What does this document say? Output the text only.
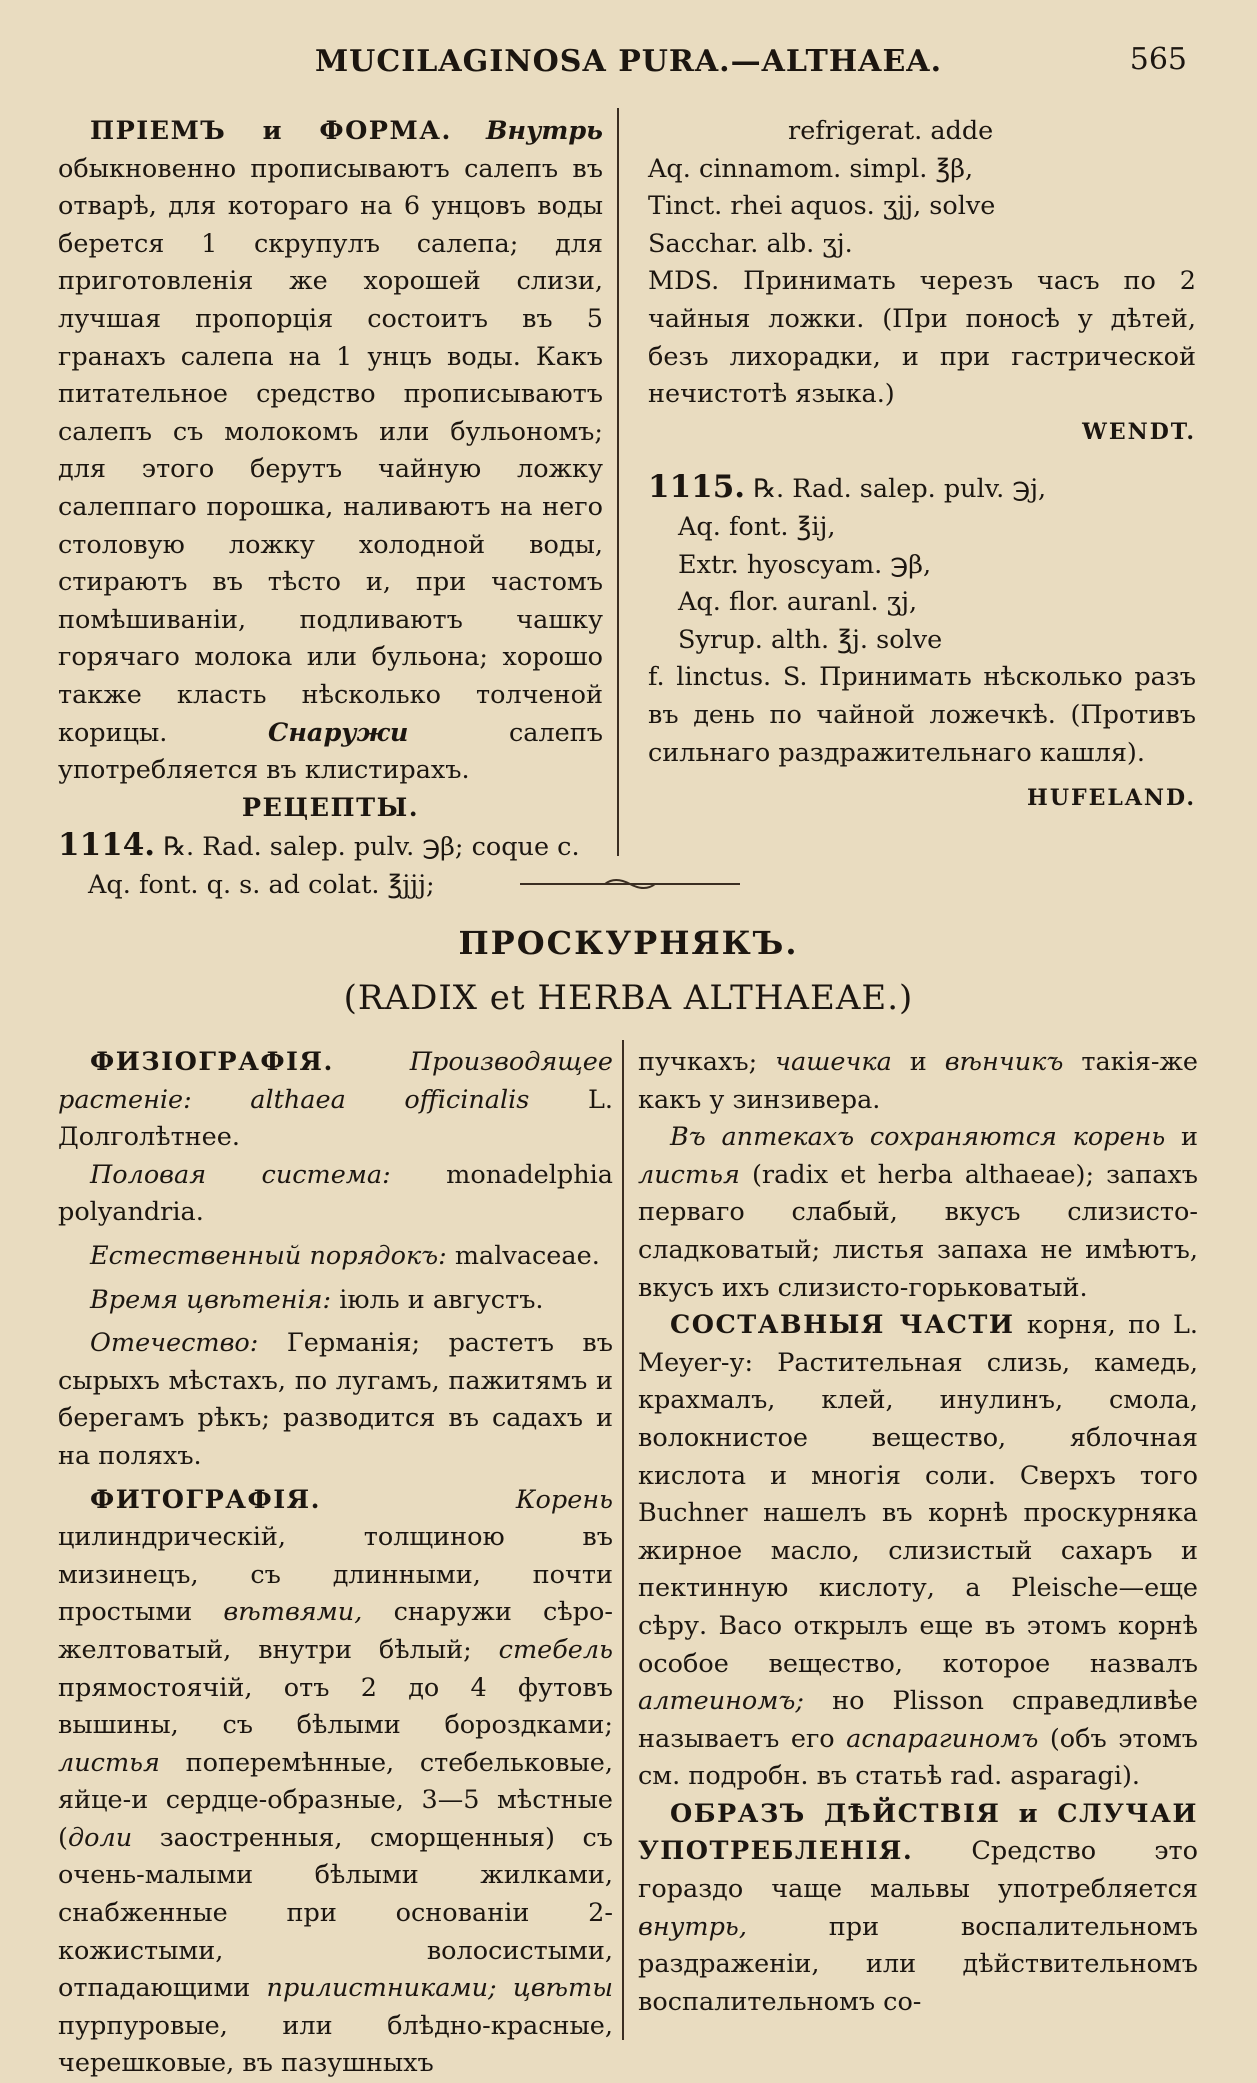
MUCILAGINOSA PURA.—ALTHAEA.	565

ПРІЕМЪ и ФОРМА. Внутрь обыкновенно прописываютъ салепъ въ отварѣ, для котораго на 6 унцовъ воды берется 1 скрупулъ салепа; для приготовленія же хорошей слизи, лучшая пропорція состоитъ въ 5 гранахъ салепа на 1 унцъ воды. Какъ питательное средство прописываютъ салепъ съ молокомъ или бульономъ; для этого берутъ чайную ложку салеппаго порошка, наливаютъ на него столовую ложку холодной воды, стираютъ въ тѣсто и, при частомъ помѣшиваніи, подливаютъ чашку горячаго молока или бульона; хорошо также класть нѣсколько толченой корицы.	Снаружи	салепъ употребляется въ клистирахъ.

РЕЦЕПТЫ.

1114. ℞. Rad. salep. pulv. ℈β; coque c.

Aq. font. q. s. ad colat. ℥jjj;

refrigerat. adde

Aq. cinnamom. simpl. ℥β,

Tinct. rhei aquos. ʒjj, solve

Sacchar. alb. ʒj.

MDS. Принимать черезъ часъ по 2 чайныя ложки. (При поносѣ у дѣтей, безъ лихорадки, и при гастрической нечистотѣ языка.)

WENDT.

1115. ℞. Rad. salep. pulv. ℈j,

Aq. font. ℥ij,

Extr. hyoscyam. ℈β,

Aq. flor. auranl. ʒj,

Syrup. alth. ℥j. solve

f. linctus. S. Принимать нѣсколько разъ въ день по чайной ложечкѣ. (Противъ сильнаго раздражительнаго кашля).

HUFELAND.

ПРОСКУРНЯКЪ.
(RADIX et HERBA ALTHAEAE.)

ФИЗІОГРАФІЯ.	Производящее растеніе: althaea officinalis L. Долголѣтнее.

Половая система: monadelphia polyandria.

Естественный порядокъ: malvaceae.

Время цвѣтенія: іюль и августъ.

Отечество: Германія; растетъ въ сырыхъ мѣстахъ, по лугамъ, пажитямъ и берегамъ рѣкъ; разводится въ садахъ и на поляхъ.

ФИТОГРАФІЯ.	Корень цилиндрическій, толщиною въ мизинецъ, съ длинными, почти простыми вѣтвями, снаружи сѣро-желтоватый, внутри бѣлый; стебель прямостоячій, отъ 2 до 4 футовъ вышины, съ бѣлыми бороздками; листья поперемѣнные, стебельковые, яйце-и сердце-образные, 3—5 мѣстные (доли заостренныя, сморщенныя) съ очень-малыми бѣлыми жилками, снабженные при основаніи 2-кожистыми, волосистыми, отпадающими прилистниками; цвѣты пурпуровые, или блѣдно-красные, черешковые, въ пазушныхъ

пучкахъ; чашечка и вѣнчикъ такія-же какъ у зинзивера.

Въ аптекахъ сохраняются корень и листья (radix et herba althaeae); запахъ перваго слабый, вкусъ слизисто-сладковатый; листья запаха не имѣютъ, вкусъ ихъ слизисто-горьковатый.

СОСТАВНЫЯ ЧАСТИ корня, по L. Meyer-у: Растительная слизь, камедь, крахмалъ, клей, инулинъ, смола, волокнистое вещество, яблочная кислота и многія соли. Сверхъ того Buchner нашелъ въ корнѣ проскурняка жирное масло, слизистый сахаръ и пектинную кислоту, а Pleische—еще сѣру. Baco открылъ еще въ этомъ корнѣ особое вещество, которое назвалъ алтеиномъ; но Plisson справедливѣе называетъ его аспарагиномъ (объ этомъ см. подробн. въ статьѣ rad. asparagi).

ОБРАЗЪ ДѢЙСТВІЯ и СЛУЧАИ УПОТРЕБЛЕНІЯ. Средство это гораздо чаще мальвы употребляется внутрь,	при воспалительномъ раздраженіи, или дѣйствительномъ воспалительномъ со-
